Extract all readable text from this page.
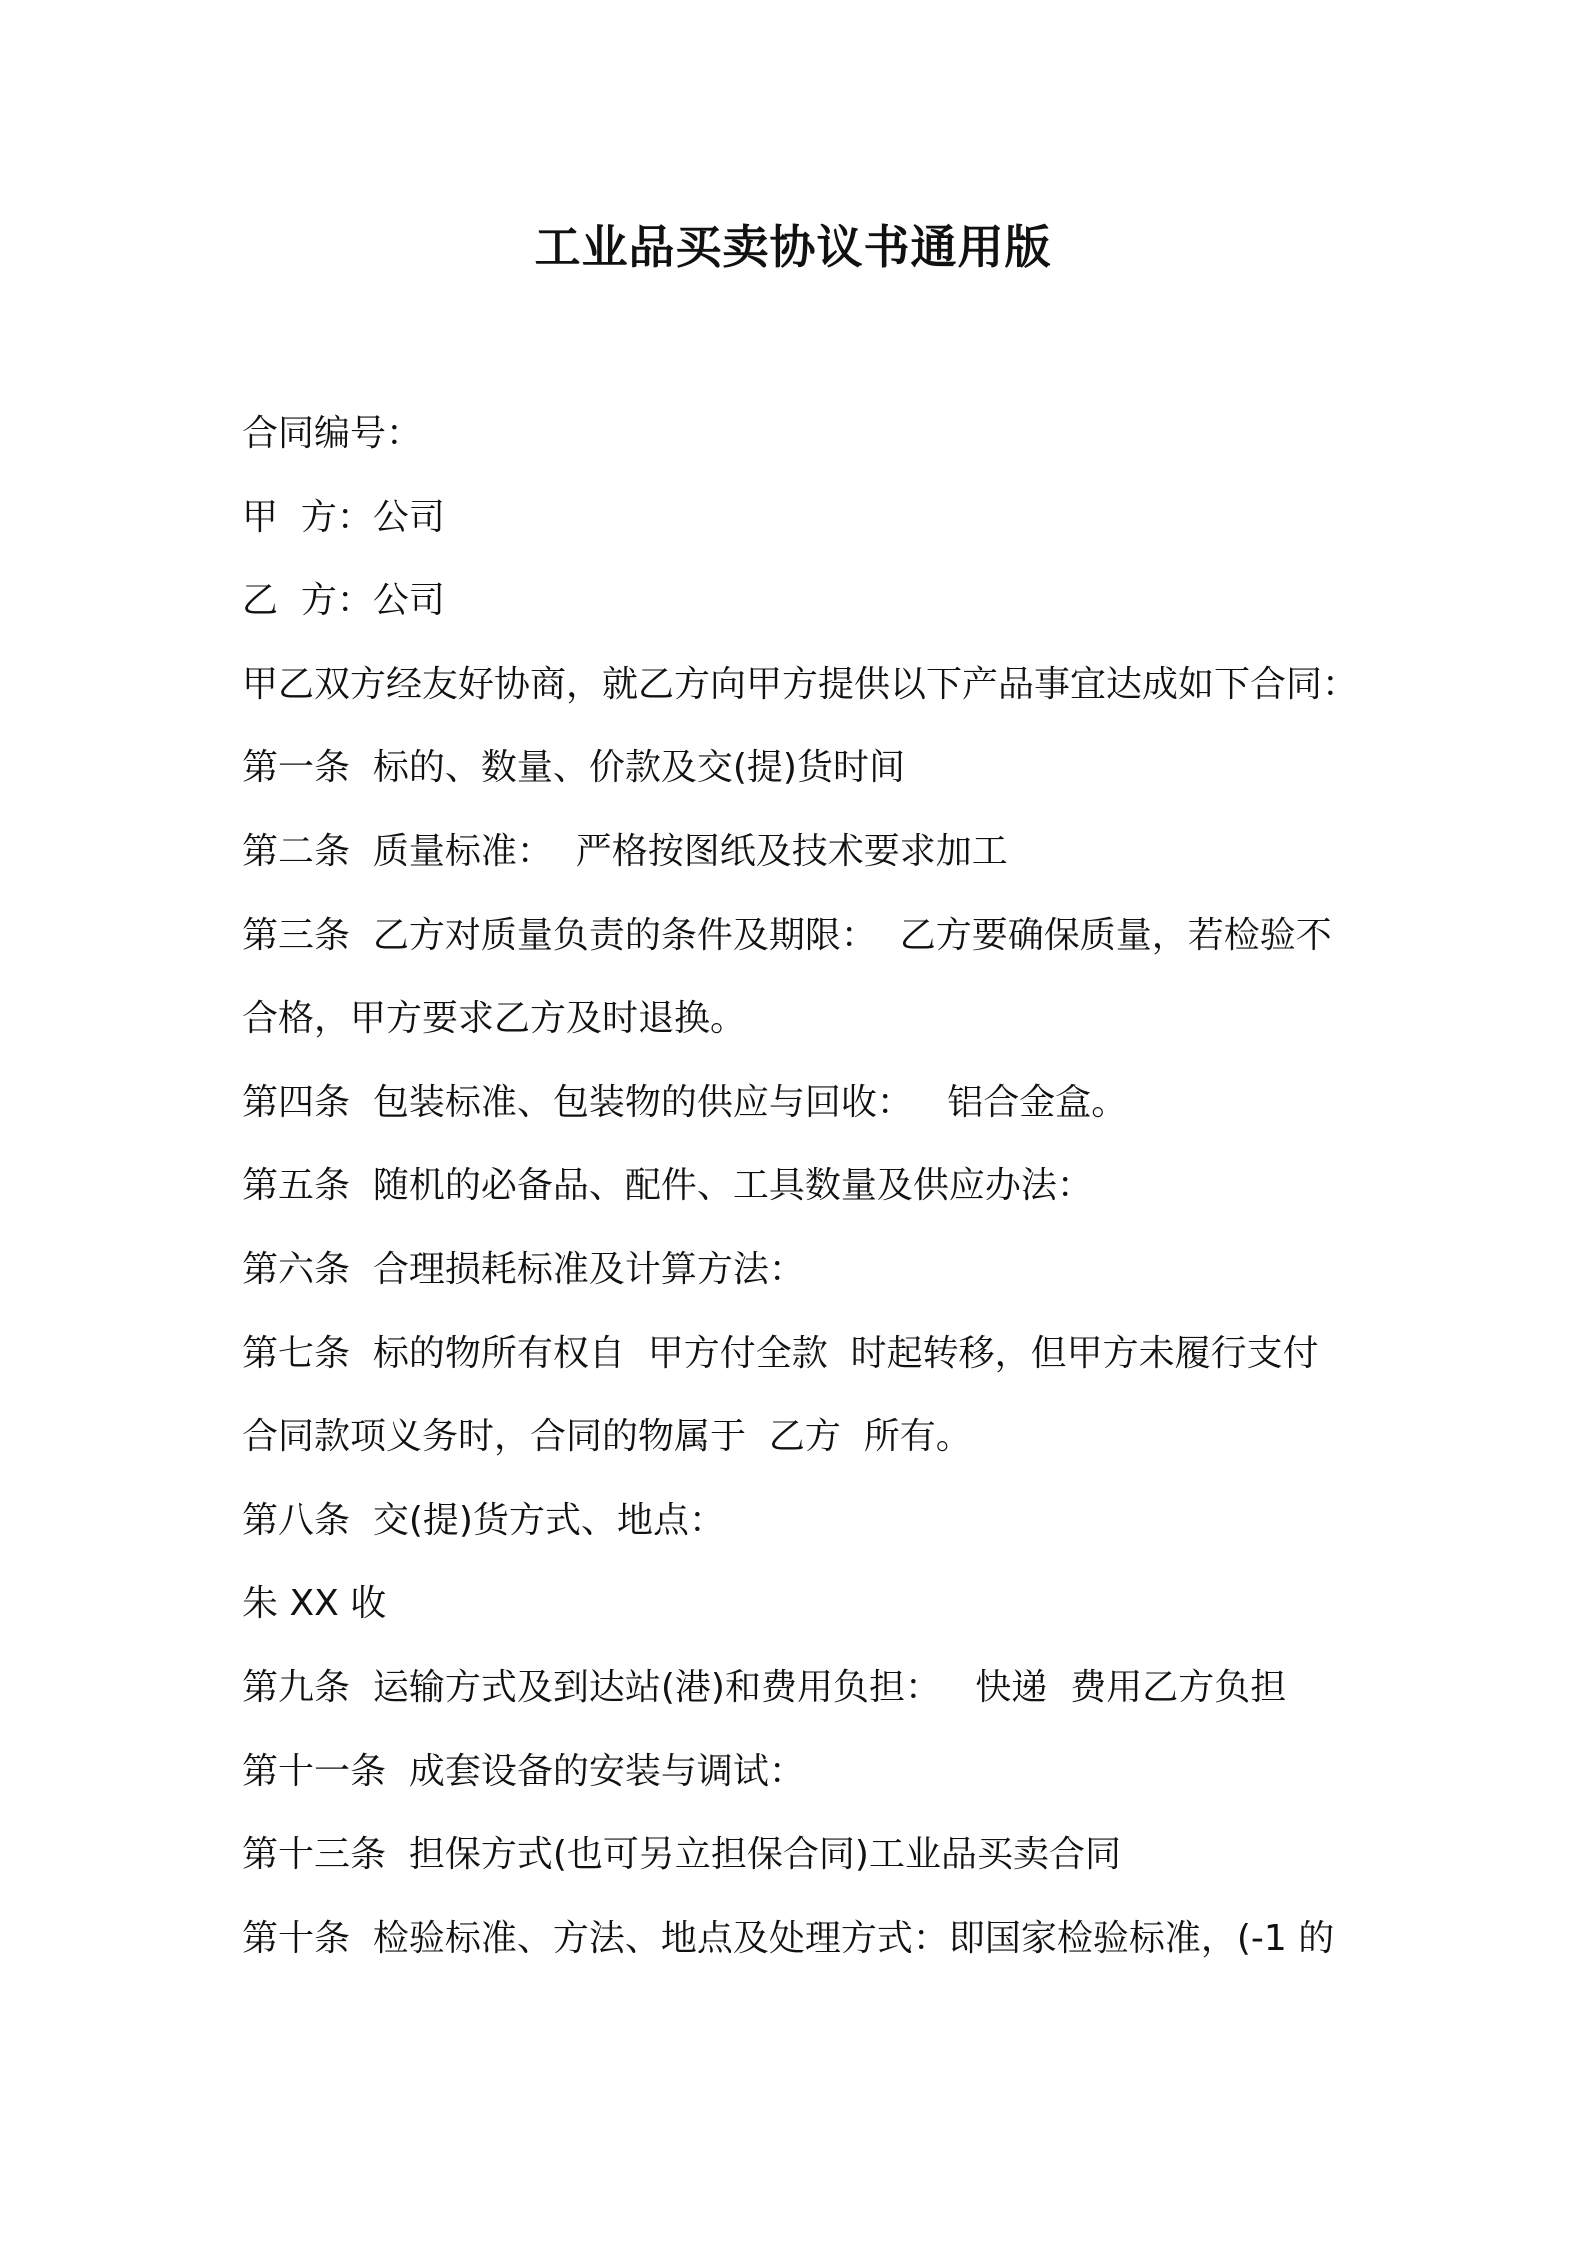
工业品买卖协议书通用版
合同编号：
甲  方：公司
乙  方：公司
甲乙双方经友好协商，就乙方向甲方提供以下产品事宜达成如下合同：
第一条  标的、数量、价款及交(提)货时间
第二条  质量标准：  严格按图纸及技术要求加工
第三条  乙方对质量负责的条件及期限：  乙方要确保质量，若检验不
合格，甲方要求乙方及时退换。
第四条  包装标准、包装物的供应与回收：   铝合金盒。
第五条  随机的必备品、配件、工具数量及供应办法：
第六条  合理损耗标准及计算方法：
第七条  标的物所有权自  甲方付全款  时起转移，但甲方未履行支付
合同款项义务时，合同的物属于  乙方  所有。
第八条  交(提)货方式、地点：
朱 XX 收
第九条  运输方式及到达站(港)和费用负担：   快递  费用乙方负担
第十一条  成套设备的安装与调试：
第十三条  担保方式(也可另立担保合同)工业品买卖合同
第十条  检验标准、方法、地点及处理方式：即国家检验标准，(-1 的
